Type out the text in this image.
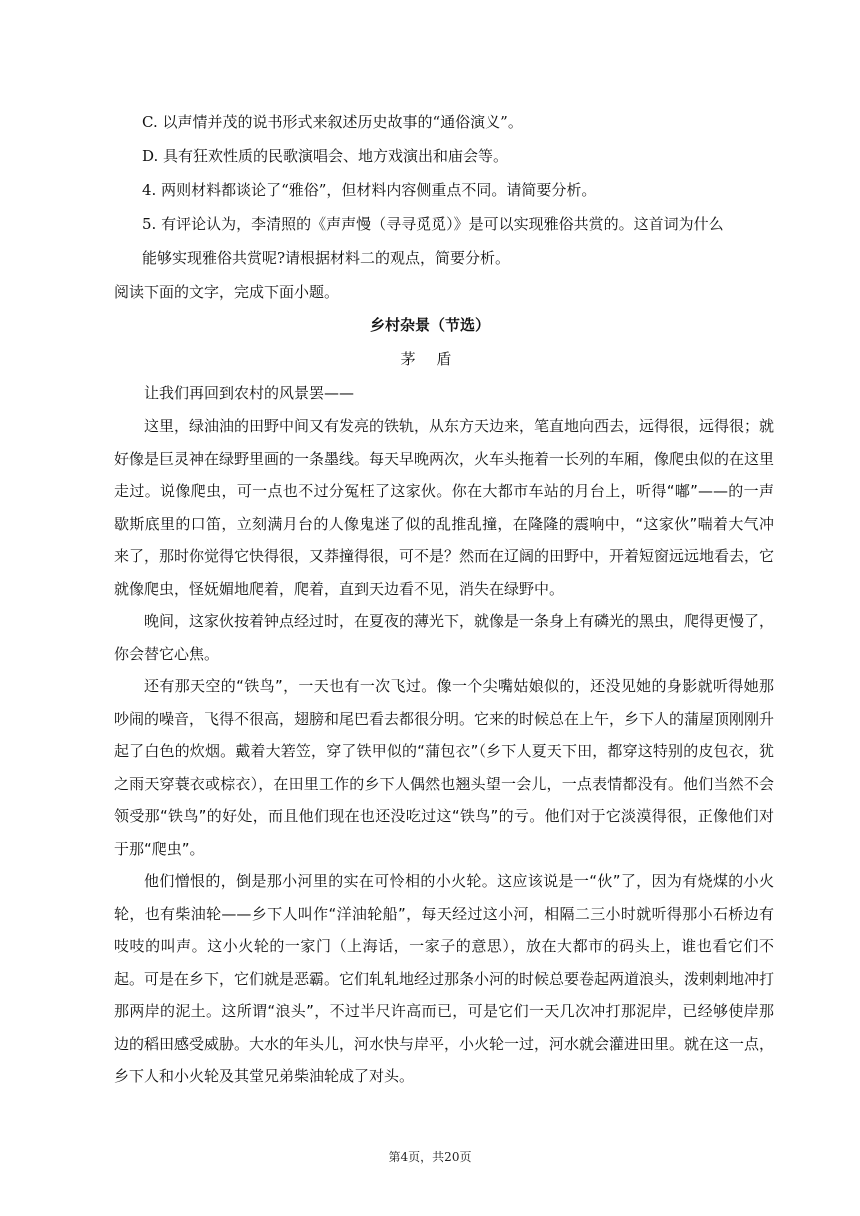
C. 以声情并茂的说书形式来叙述历史故事的“通俗演义”。
D. 具有狂欢性质的民歌演唱会、地方戏演出和庙会等。
4. 两则材料都谈论了“雅俗”，但材料内容侧重点不同。请简要分析。
5. 有评论认为，李清照的《声声慢（寻寻觅觅）》是可以实现雅俗共赏的。这首词为什么
能够实现雅俗共赏呢?请根据材料二的观点，简要分析。
阅读下面的文字，完成下面小题。
乡村杂景（节选）
茅 盾
让我们再回到农村的风景罢——
这里，绿油油的田野中间又有发亮的铁轨，从东方天边来，笔直地向西去，远得很，远得很；就好像是巨灵神在绿野里画的一条墨线。每天早晚两次，火车头拖着一长列的车厢，像爬虫似的在这里走过。说像爬虫，可一点也不过分冤枉了这家伙。你在大都市车站的月台上，听得“嘟”——的一声歇斯底里的口笛，立刻满月台的人像鬼迷了似的乱推乱撞，在隆隆的震响中，“这家伙”喘着大气冲来了，那时你觉得它快得很，又莽撞得很，可不是？然而在辽阔的田野中，开着短窗远远地看去，它就像爬虫，怪妩媚地爬着，爬着，直到天边看不见，消失在绿野中。
晚间，这家伙按着钟点经过时，在夏夜的薄光下，就像是一条身上有磷光的黑虫，爬得更慢了，你会替它心焦。
还有那天空的“铁鸟”，一天也有一次飞过。像一个尖嘴姑娘似的，还没见她的身影就听得她那吵闹的噪音，飞得不很高，翅膀和尾巴看去都很分明。它来的时候总在上午，乡下人的蒲屋顶刚刚升起了白色的炊烟。戴着大箬笠，穿了铁甲似的“蒲包衣”（乡下人夏天下田，都穿这特别的皮包衣，犹之雨天穿蓑衣或棕衣），在田里工作的乡下人偶然也翘头望一会儿，一点表情都没有。他们当然不会领受那“铁鸟”的好处，而且他们现在也还没吃过这“铁鸟”的亏。他们对于它淡漠得很，正像他们对于那“爬虫”。
他们憎恨的，倒是那小河里的实在可怜相的小火轮。这应该说是一“伙”了，因为有烧煤的小火轮，也有柴油轮——乡下人叫作“洋油轮船”，每天经过这小河，相隔二三小时就听得那小石桥边有吱吱的叫声。这小火轮的一家门（上海话，一家子的意思），放在大都市的码头上，谁也看它们不起。可是在乡下，它们就是恶霸。它们轧轧地经过那条小河的时候总要卷起两道浪头，泼剌剌地冲打那两岸的泥土。这所谓“浪头”，不过半尺许高而已，可是它们一天几次冲打那泥岸，已经够使岸那边的稻田感受威胁。大水的年头儿，河水快与岸平，小火轮一过，河水就会灌进田里。就在这一点，乡下人和小火轮及其堂兄弟柴油轮成了对头。
第4页，共20页
